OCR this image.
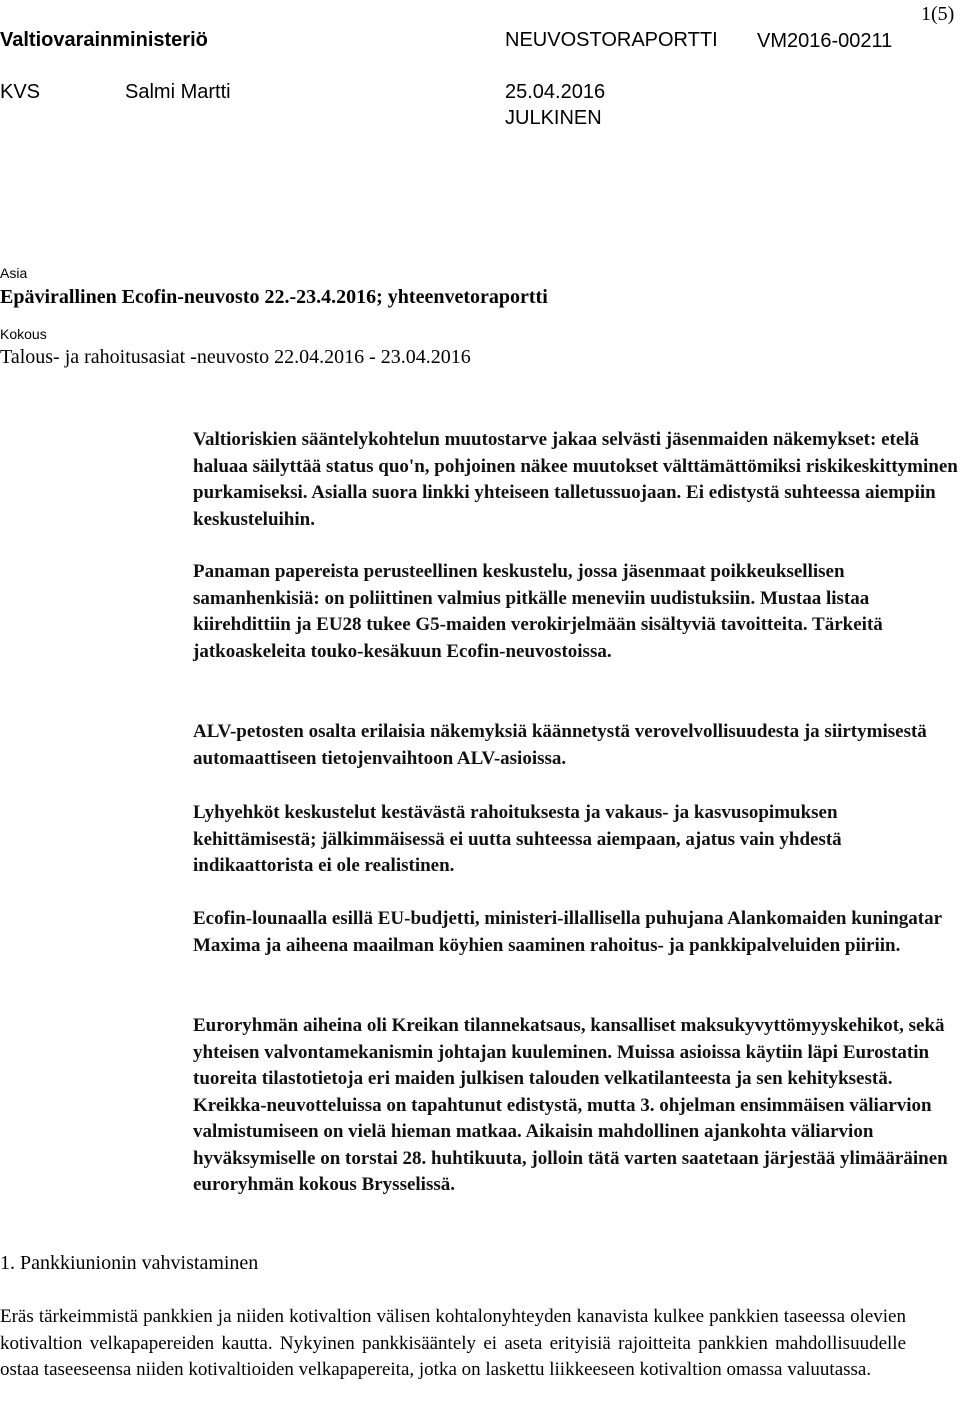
Valtiovarainministeriö	NEUVOSTORAPORTTI VM2016-00211
1(5)
KVS	Salmi Martti	25.04.2016
JULKINEN
Asia
Epävirallinen Ecofin-neuvosto 22.-23.4.2016; yhteenvetoraportti
Kokous
Talous- ja rahoitusasiat -neuvosto 22.04.2016 - 23.04.2016

Valtioriskien sääntelykohtelun muutostarve jakaa selvästi jäsenmaiden näkemykset: etelä haluaa säilyttää status quo'n, pohjoinen näkee muutokset välttämättömiksi riskikeskittyminen purkamiseksi. Asialla suora linkki yhteiseen talletussuojaan. Ei edistystä suhteessa aiempiin keskusteluihin.

Panaman papereista perusteellinen keskustelu, jossa jäsenmaat poikkeuksellisen samanhenkisiä: on poliittinen valmius pitkälle meneviin uudistuksiin. Mustaa listaa kiirehdittiin ja EU28 tukee G5-maiden verokirjelmään sisältyviä tavoitteita. Tärkeitä jatkoaskeleita touko-kesäkuun Ecofin-neuvostoissa.

ALV-petosten osalta erilaisia näkemyksiä käännetystä verovelvollisuudesta ja siirtymisestä automaattiseen tietojenvaihtoon ALV-asioissa.

Lyhyehköt keskustelut kestävästä rahoituksesta ja vakaus- ja kasvusopimuksen kehittämisestä; jälkimmäisessä ei uutta suhteessa aiempaan, ajatus vain yhdestä indikaattorista ei ole realistinen.

Ecofin-lounaalla esillä EU-budjetti, ministeri-illallisella puhujana Alankomaiden kuningatar Maxima ja aiheena maailman köyhien saaminen rahoitus- ja pankkipalveluiden piiriin.

Euroryhmän aiheina oli Kreikan tilannekatsaus, kansalliset maksukyvyttömyyskehikot, sekä yhteisen valvontamekanismin johtajan kuuleminen. Muissa asioissa käytiin läpi Eurostatin tuoreita tilastotietoja eri maiden julkisen talouden velkatilanteesta ja sen kehityksestä. Kreikka-neuvotteluissa on tapahtunut edistystä, mutta 3. ohjelman ensimmäisen väliarvion valmistumiseen on vielä hieman matkaa. Aikaisin mahdollinen ajankohta väliarvion hyväksymiselle on torstai 28. huhtikuuta, jolloin tätä varten saatetaan järjestää ylimääräinen euroryhmän kokous Brysselissä.

1. Pankkiunionin vahvistaminen

Eräs tärkeimmistä pankkien ja niiden kotivaltion välisen kohtalonyhteyden kanavista kulkee pankkien taseessa olevien kotivaltion velkapapereiden kautta. Nykyinen pankkisääntely ei aseta erityisiä rajoitteita pankkien mahdollisuudelle ostaa taseeseensa niiden kotivaltioiden velkapapereita, jotka on laskettu liikkeeseen kotivaltion omassa valuutassa.
